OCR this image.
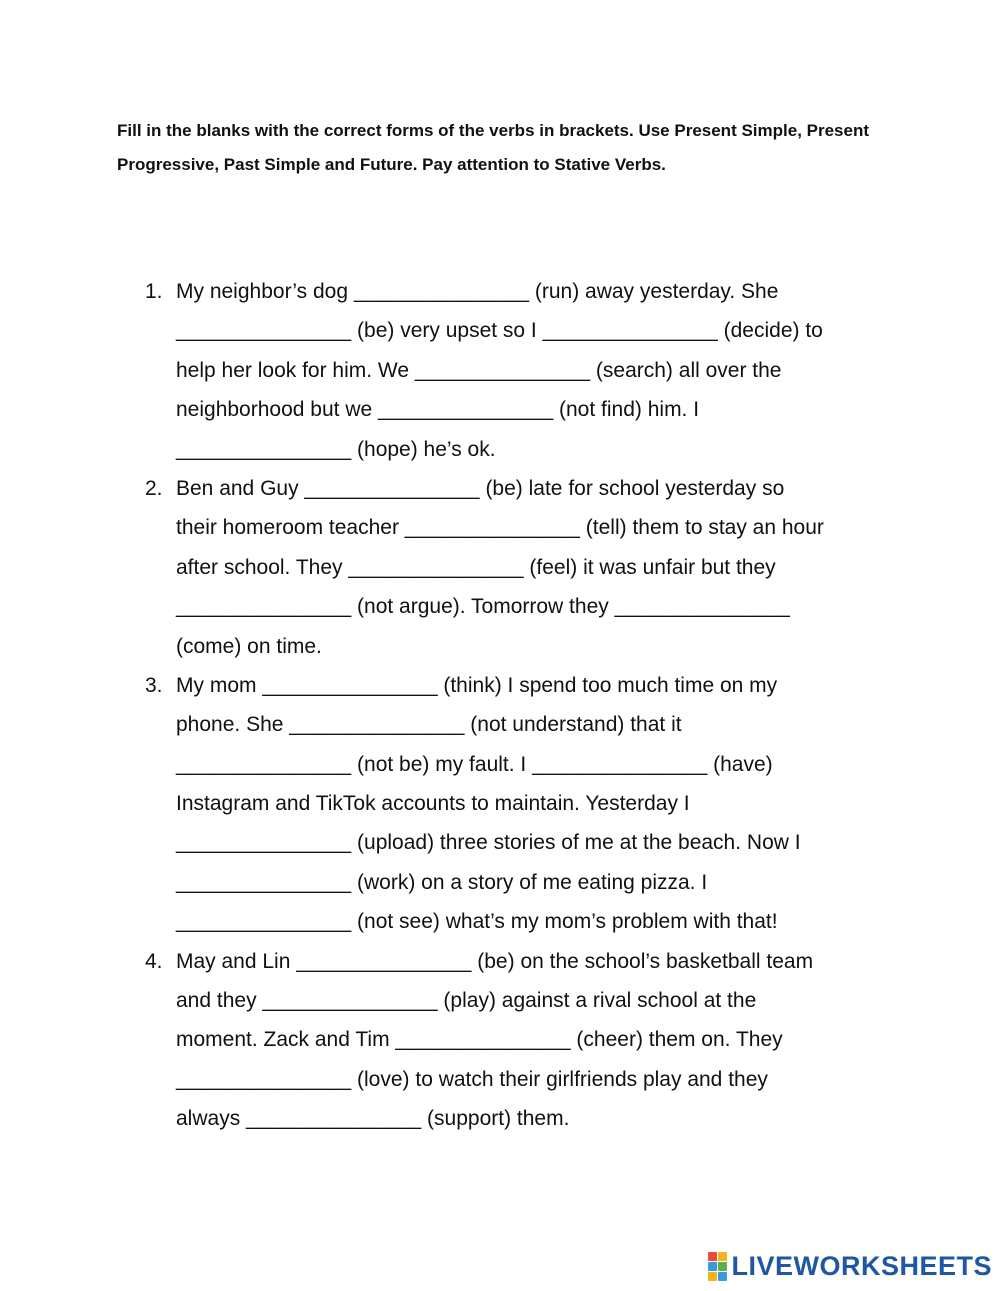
Fill in the blanks with the correct forms of the verbs in brackets. Use Present Simple, Present Progressive, Past Simple and Future. Pay attention to Stative Verbs.

1. My neighbor’s dog _______________ (run) away yesterday. She
_______________ (be) very upset so I _______________ (decide) to
help her look for him. We _______________ (search) all over the
neighborhood but we _______________ (not find) him. I
_______________ (hope) he’s ok.
2. Ben and Guy _______________ (be) late for school yesterday so
their homeroom teacher _______________ (tell) them to stay an hour
after school. They _______________ (feel) it was unfair but they
_______________ (not argue). Tomorrow they _______________
(come) on time.
3. My mom _______________ (think) I spend too much time on my
phone. She _______________ (not understand) that it
_______________ (not be) my fault. I _______________ (have)
Instagram and TikTok accounts to maintain. Yesterday I
_______________ (upload) three stories of me at the beach. Now I
_______________ (work) on a story of me eating pizza. I
_______________ (not see) what’s my mom’s problem with that!
4. May and Lin _______________ (be) on the school’s basketball team
and they _______________ (play) against a rival school at the
moment. Zack and Tim _______________ (cheer) them on. They
_______________ (love) to watch their girlfriends play and they
always _______________ (support) them.
LIVEWORKSHEETS
